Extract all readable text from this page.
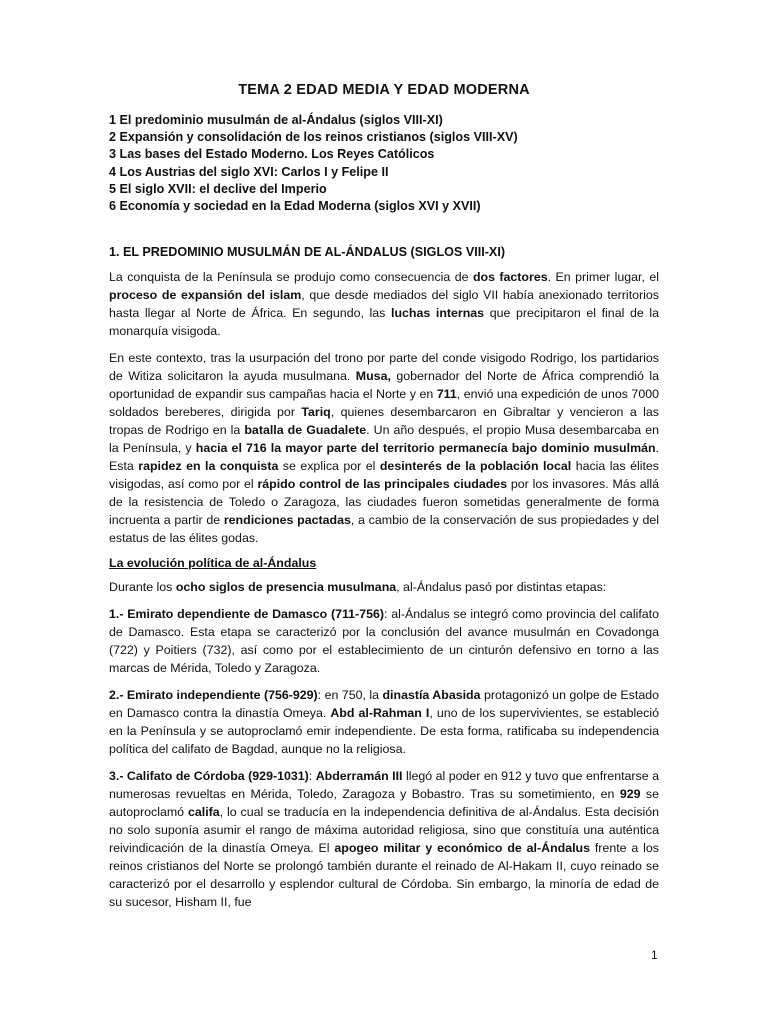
TEMA 2 EDAD MEDIA Y EDAD MODERNA
1 El predominio musulmán de al-Ándalus (siglos VIII-XI)
2 Expansión y consolidación de los reinos cristianos (siglos VIII-XV)
3 Las bases del Estado Moderno. Los Reyes Católicos
4 Los Austrias del siglo XVI: Carlos I y Felipe II
5 El siglo XVII: el declive del Imperio
6 Economía y sociedad en la Edad Moderna (siglos XVI y XVII)
1. EL PREDOMINIO MUSULMÁN DE AL-ÁNDALUS (SIGLOS VIII-XI)

La conquista de la Península se produjo como consecuencia de dos factores. En primer lugar, el proceso de expansión del islam, que desde mediados del siglo VII había anexionado territorios hasta llegar al Norte de África. En segundo, las luchas internas que precipitaron el final de la monarquía visigoda.

En este contexto, tras la usurpación del trono por parte del conde visigodo Rodrigo, los partidarios de Witiza solicitaron la ayuda musulmana. Musa, gobernador del Norte de África comprendió la oportunidad de expandir sus campañas hacia el Norte y en 711, envió una expedición de unos 7000 soldados bereberes, dirigida por Tariq, quienes desembarcaron en Gibraltar y vencieron a las tropas de Rodrigo en la batalla de Guadalete. Un año después, el propio Musa desembarcaba en la Península, y hacia el 716 la mayor parte del territorio permanecía bajo dominio musulmán. Esta rapidez en la conquista se explica por el desinterés de la población local hacia las élites visigodas, así como por el rápido control de las principales ciudades por los invasores. Más allá de la resistencia de Toledo o Zaragoza, las ciudades fueron sometidas generalmente de forma incruenta a partir de rendiciones pactadas, a cambio de la conservación de sus propiedades y del estatus de las élites godas.

La evolución política de al-Ándalus

Durante los ocho siglos de presencia musulmana, al-Ándalus pasó por distintas etapas:

1.- Emirato dependiente de Damasco (711-756): al-Ándalus se integró como provincia del califato de Damasco. Esta etapa se caracterizó por la conclusión del avance musulmán en Covadonga (722) y Poitiers (732), así como por el establecimiento de un cinturón defensivo en torno a las marcas de Mérida, Toledo y Zaragoza.

2.- Emirato independiente (756-929): en 750, la dinastía Abasida protagonizó un golpe de Estado en Damasco contra la dinastía Omeya. Abd al-Rahman I, uno de los supervivientes, se estableció en la Península y se autoproclamó emir independiente. De esta forma, ratificaba su independencia política del califato de Bagdad, aunque no la religiosa.

3.- Califato de Córdoba (929-1031): Abderramán III llegó al poder en 912 y tuvo que enfrentarse a numerosas revueltas en Mérida, Toledo, Zaragoza y Bobastro. Tras su sometimiento, en 929 se autoproclamó califa, lo cual se traducía en la independencia definitiva de al-Ándalus. Esta decisión no solo suponía asumir el rango de máxima autoridad religiosa, sino que constituía una auténtica reivindicación de la dinastía Omeya. El apogeo militar y económico de al-Ándalus frente a los reinos cristianos del Norte se prolongó también durante el reinado de Al-Hakam II, cuyo reinado se caracterizó por el desarrollo y esplendor cultural de Córdoba. Sin embargo, la minoría de edad de su sucesor, Hisham II, fue

1
